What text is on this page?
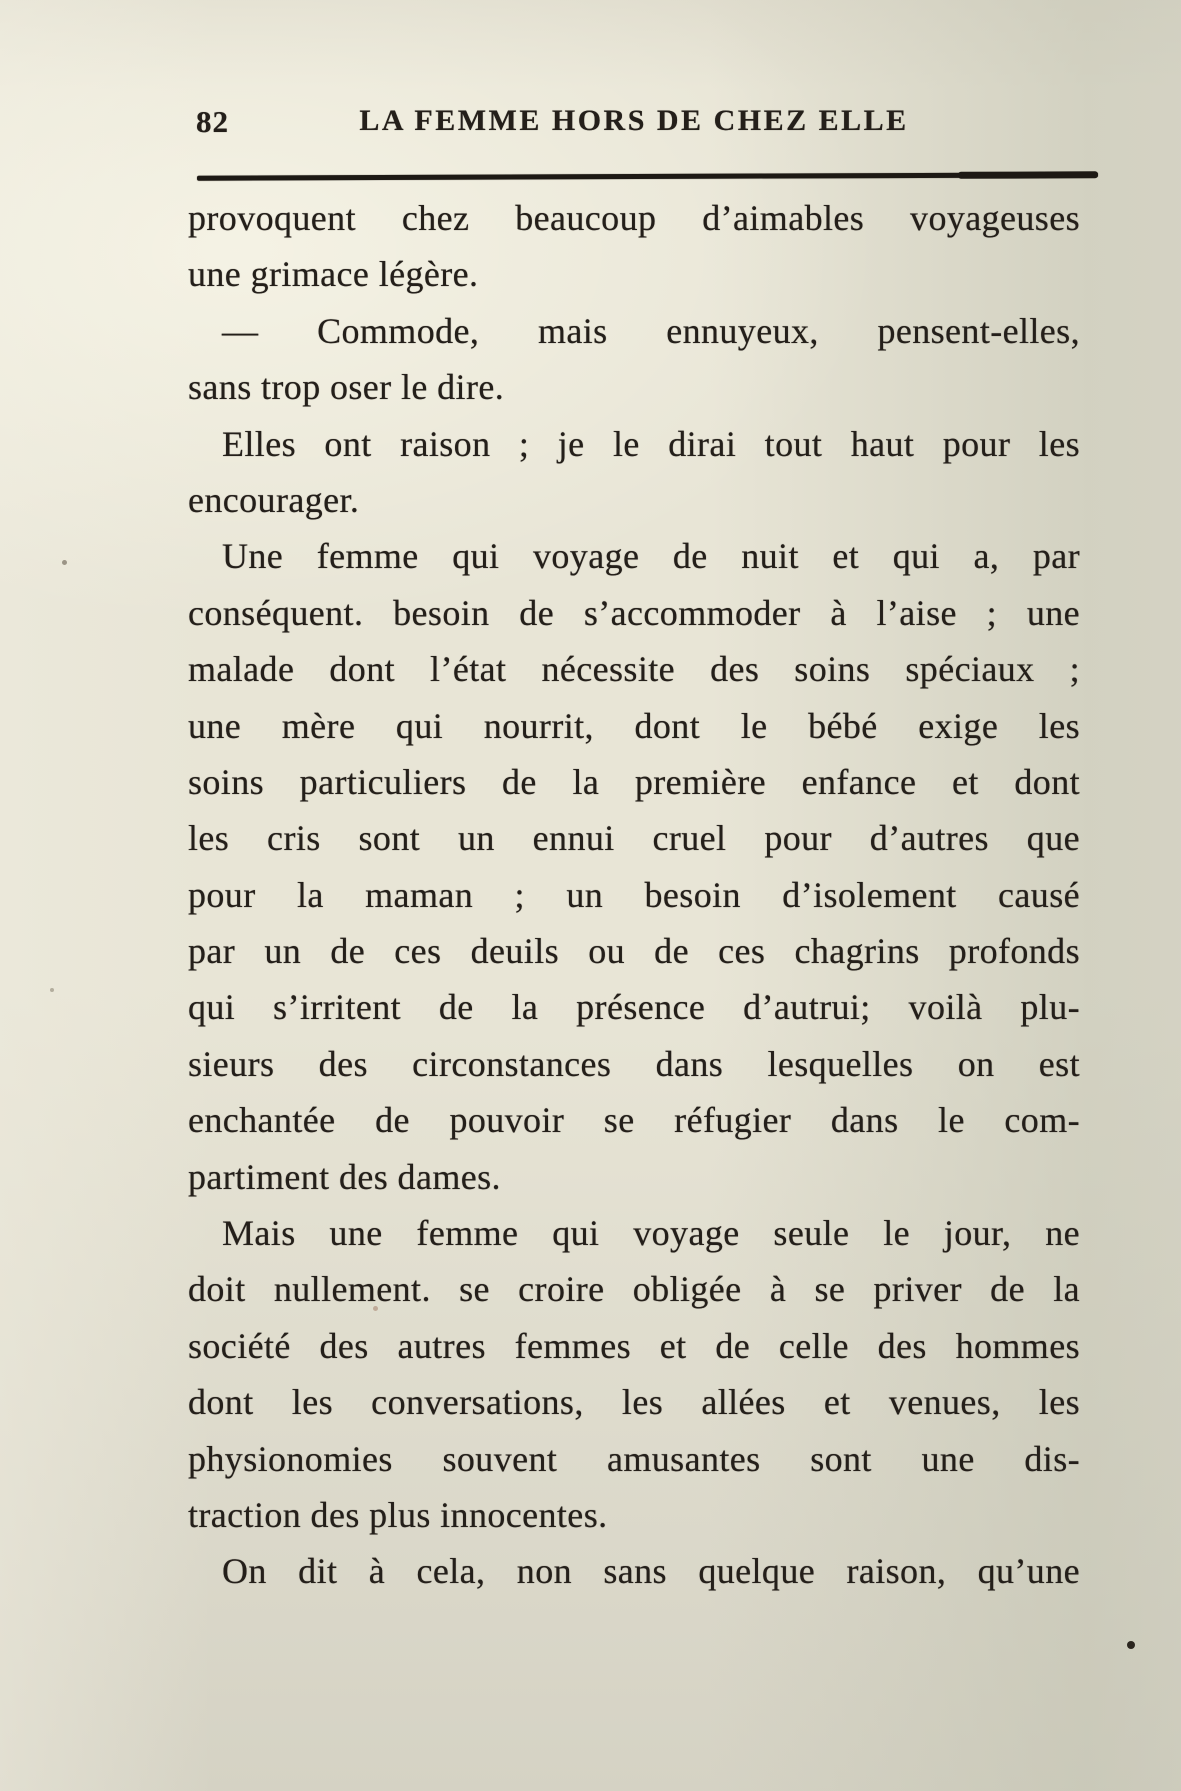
82	LA FEMME HORS DE CHEZ ELLE
provoquent chez beaucoup d’aimables voyageuses
une grimace légère.
— Commode, mais ennuyeux, pensent-elles,
sans trop oser le dire.
Elles ont raison ; je le dirai tout haut pour les
encourager.
Une femme qui voyage de nuit et qui a, par
conséquent. besoin de s’accommoder à l’aise ; une
malade dont l’état nécessite des soins spéciaux ;
une mère qui nourrit, dont le bébé exige les
soins particuliers de la première enfance et dont
les cris sont un ennui cruel pour d’autres que
pour la maman ; un besoin d’isolement causé
par un de ces deuils ou de ces chagrins profonds
qui s’irritent de la présence d’autrui; voilà plu-
sieurs des circonstances dans lesquelles on est
enchantée de pouvoir se réfugier dans le com-
partiment des dames.
Mais une femme qui voyage seule le jour, ne
doit nullement. se croire obligée à se priver de la
société des autres femmes et de celle des hommes
dont les conversations, les allées et venues, les
physionomies souvent amusantes sont une dis-
traction des plus innocentes.
On dit à cela, non sans quelque raison, qu’une
